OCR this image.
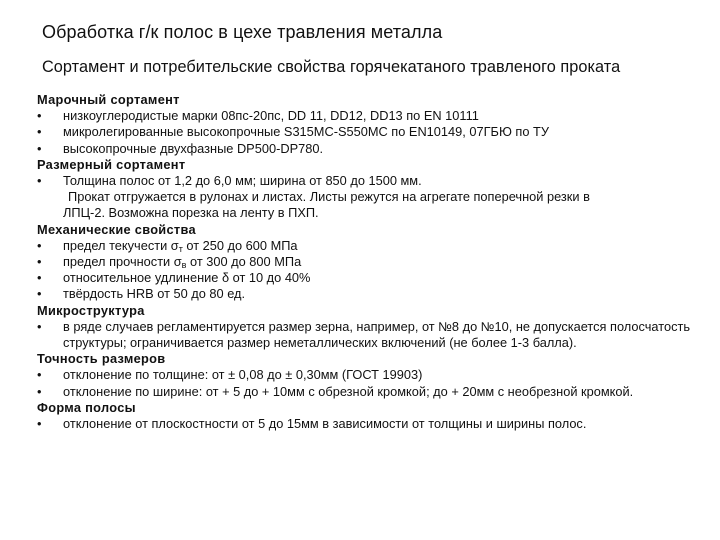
Обработка г/к полос в цехе травления металла
Сортамент и потребительские свойства горячекатаного травленого проката
Марочный сортамент
• низкоуглеродистые марки 08пс-20пс, DD 11, DD12, DD13 по EN 10111
• микролегированные высокопрочные S315MC-S550MC по EN10149, 07ГБЮ по ТУ
• высокопрочные двухфазные DP500-DP780.
Размерный сортамент
• Толщина полос от 1,2 до 6,0 мм; ширина от 850 до 1500 мм.
Прокат отгружается в рулонах и листах. Листы режутся на агрегате поперечной резки в
ЛПЦ-2. Возможна порезка на ленту в ПХП.
Механические свойства
• предел текучести $\sigma_т$ от 250 до 600 МПа
• предел прочности $\sigma_в$ от 300 до 800 МПа
• относительное удлинение δ от 10 до 40%
• твёрдость HRB от 50 до 80 ед.
Микроструктура
• в ряде случаев регламентируется размер зерна, например, от №8 до №10, не допускается полосчатость структуры; ограничивается размер неметаллических включений (не более 1-3 балла).
Точность размеров
• отклонение по толщине: от ± 0,08 до ± 0,30мм (ГОСТ 19903)
• отклонение по ширине: от + 5 до + 10мм с обрезной кромкой; до + 20мм с необрезной кромкой.
Форма полосы
• отклонение от плоскостности от 5 до 15мм в зависимости от толщины и ширины полос.
